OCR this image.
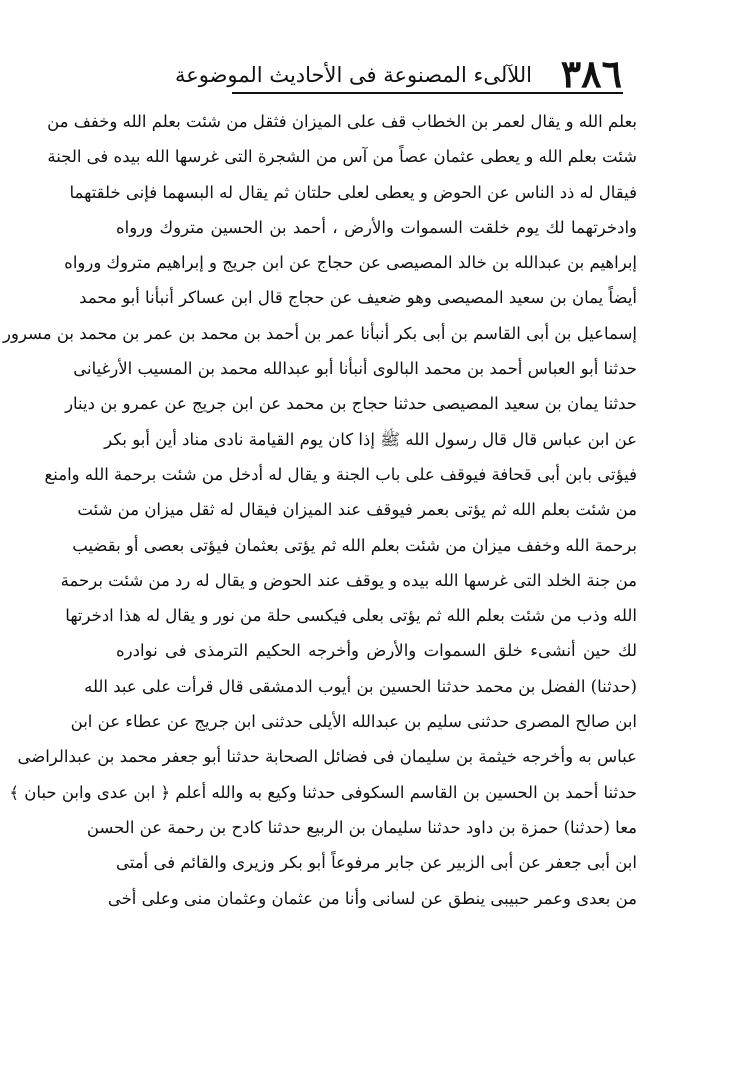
٣٨٦
اللآلىء المصنوعة فى الأحاديث الموضوعة
بعلم الله و يقال لعمر بن الخطاب قف على الميزان فثقل من شئت بعلم الله وخفف من
شئت بعلم الله و يعطى عثمان عصاً من آس من الشجرة التى غرسها الله بيده فى الجنة
فيقال له ذد الناس عن الحوض و يعطى لعلى حلتان ثم يقال له البسهما فإنى خلقتهما
وادخرتهما لك يوم خلقت السموات والأرض ، أحمد بن الحسين متروك ورواه
إبراهيم بن عبدالله بن خالد المصيصى عن حجاج عن ابن جريج و إبراهيم متروك ورواه
أيضاً يمان بن سعيد المصيصى وهو ضعيف عن حجاج قال ابن عساكر أنبأنا أبو محمد
إسماعيل بن أبى القاسم بن أبى بكر أنبأنا عمر بن أحمد بن محمد بن عمر بن محمد بن مسرور
حدثنا أبو العباس أحمد بن محمد البالوى أنبأنا أبو عبدالله محمد بن المسيب الأرغيانى
حدثنا يمان بن سعيد المصيصى حدثنا حجاج بن محمد عن ابن جريج عن عمرو بن دينار
عن ابن عباس قال قال رسول الله ﷺ إذا كان يوم القيامة نادى مناد أين أبو بكر
فيؤتى بابن أبى قحافة فيوقف على باب الجنة و يقال له أدخل من شئت برحمة الله وامنع
من شئت بعلم الله ثم يؤتى بعمر فيوقف عند الميزان فيقال له ثقل ميزان من شئت
برحمة الله وخفف ميزان من شئت بعلم الله ثم يؤتى بعثمان فيؤتى بعصى أو بقضيب
من جنة الخلد التى غرسها الله بيده و يوقف عند الحوض و يقال له رد من شئت برحمة
الله وذب من شئت بعلم الله ثم يؤتى بعلى فيكسى حلة من نور و يقال له هذا ادخرتها
لك حين أنشىء خلق السموات والأرض وأخرجه الحكيم الترمذى فى نوادره
(حدثنا) الفضل بن محمد حدثنا الحسين بن أيوب الدمشقى قال قرأت على عبد الله
ابن صالح المصرى حدثنى سليم بن عبدالله الأيلى حدثنى ابن جريج عن عطاء عن ابن
عباس به وأخرجه خيثمة بن سليمان فى فضائل الصحابة حدثنا أبو جعفر محمد بن عبدالراضى
حدثنا أحمد بن الحسين بن القاسم السكوفى حدثنا وكيع به والله أعلم ﴿ ابن عدى وابن حبان ﴾
معا (حدثنا) حمزة بن داود حدثنا سليمان بن الربيع حدثنا كادح بن رحمة عن الحسن
ابن أبى جعفر عن أبى الزبير عن جابر مرفوعاً أبو بكر وزيرى والقائم فى أمتى
من بعدى وعمر حبيبى ينطق عن لسانى وأنا من عثمان وعثمان منى وعلى أخى
